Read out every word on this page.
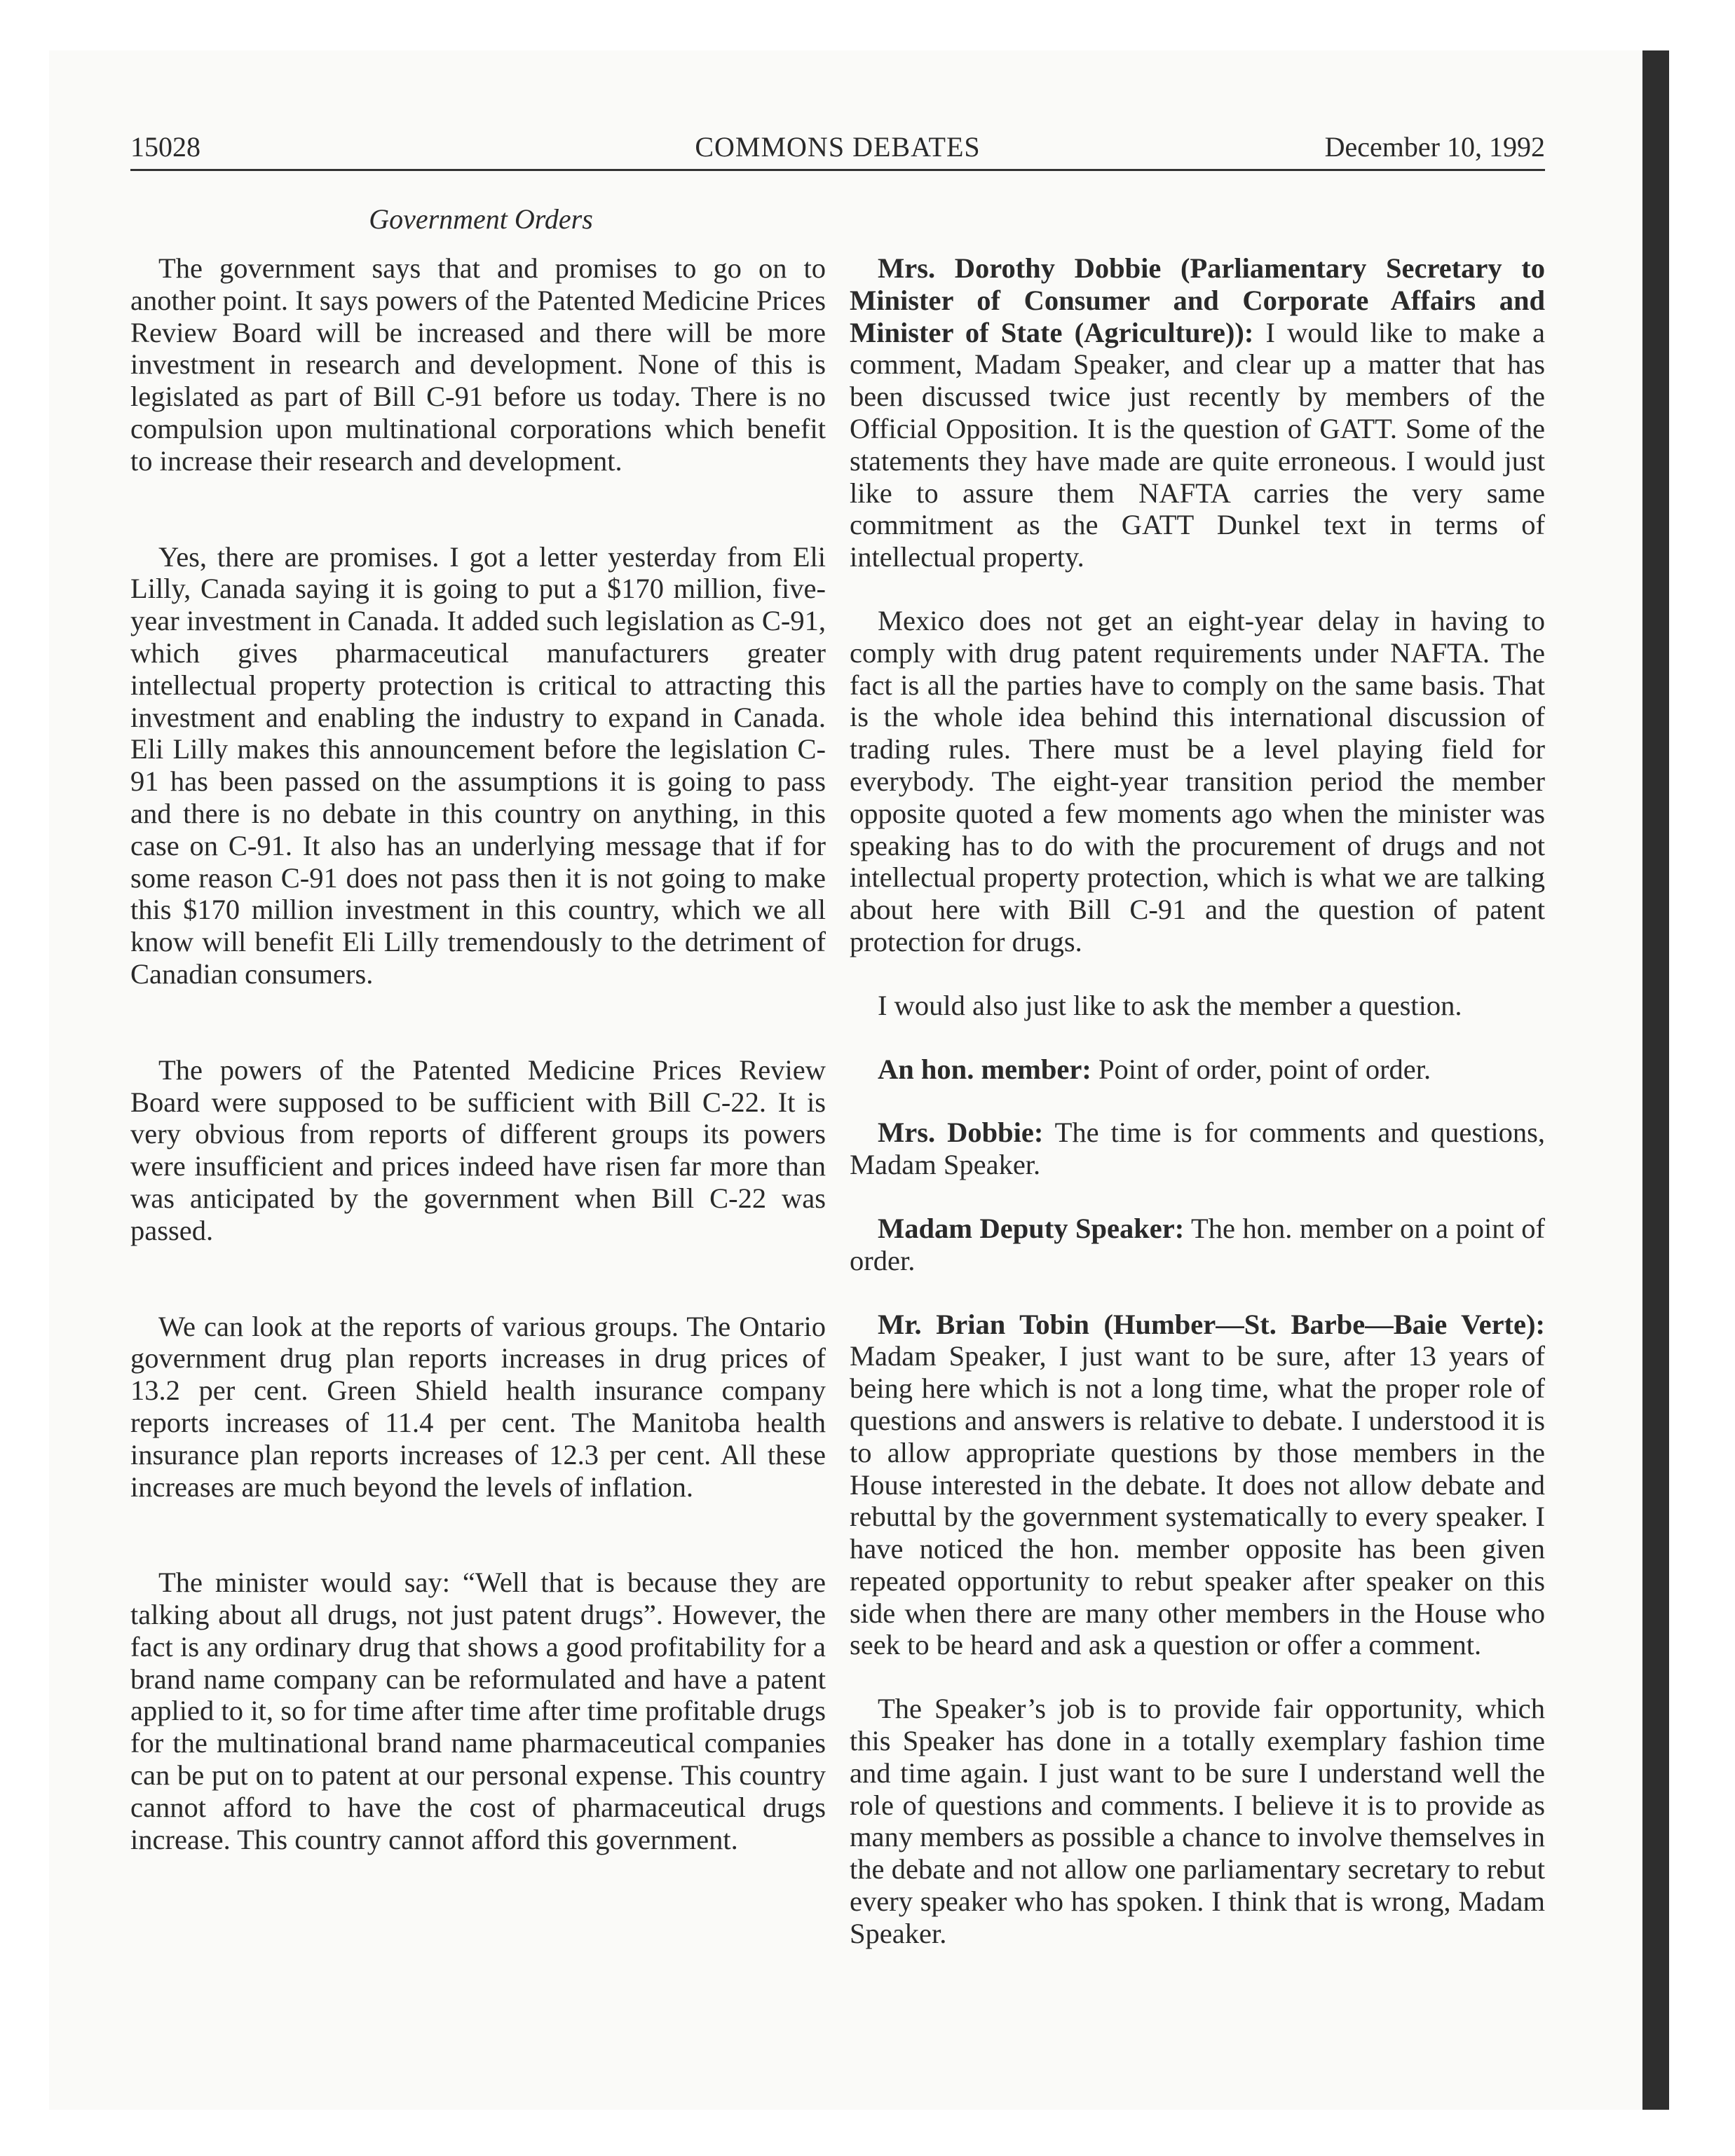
15028	COMMONS DEBATES	December 10, 1992
Government Orders

The government says that and promises to go on to another point. It says powers of the Patented Medicine Prices Review Board will be increased and there will be more investment in research and development. None of this is legislated as part of Bill C-91 before us today. There is no compulsion upon multinational corporations which benefit to increase their research and development.

Yes, there are promises. I got a letter yesterday from Eli Lilly, Canada saying it is going to put a $170 million, five-year investment in Canada. It added such legislation as C-91, which gives pharmaceutical manufacturers greater intellectual property protection is critical to attracting this investment and enabling the industry to expand in Canada. Eli Lilly makes this announcement before the legislation C-91 has been passed on the assumptions it is going to pass and there is no debate in this country on anything, in this case on C-91. It also has an underlying message that if for some reason C-91 does not pass then it is not going to make this $170 million investment in this country, which we all know will benefit Eli Lilly tremendously to the detriment of Canadian consumers.

The powers of the Patented Medicine Prices Review Board were supposed to be sufficient with Bill C-22. It is very obvious from reports of different groups its powers were insufficient and prices indeed have risen far more than was anticipated by the government when Bill C-22 was passed.

We can look at the reports of various groups. The Ontario government drug plan reports increases in drug prices of 13.2 per cent. Green Shield health insurance company reports increases of 11.4 per cent. The Manitoba health insurance plan reports increases of 12.3 per cent. All these increases are much beyond the levels of inflation.

The minister would say: “Well that is because they are talking about all drugs, not just patent drugs”. However, the fact is any ordinary drug that shows a good profitability for a brand name company can be reformulated and have a patent applied to it, so for time after time after time profitable drugs for the multinational brand name pharmaceutical companies can be put on to patent at our personal expense. This country cannot afford to have the cost of pharmaceutical drugs increase. This country cannot afford this government.

Mrs. Dorothy Dobbie (Parliamentary Secretary to Minister of Consumer and Corporate Affairs and Minister of State (Agriculture)): I would like to make a comment, Madam Speaker, and clear up a matter that has been discussed twice just recently by members of the Official Opposition. It is the question of GATT. Some of the statements they have made are quite erroneous. I would just like to assure them NAFTA carries the very same commitment as the GATT Dunkel text in terms of intellectual property.

Mexico does not get an eight-year delay in having to comply with drug patent requirements under NAFTA. The fact is all the parties have to comply on the same basis. That is the whole idea behind this international discussion of trading rules. There must be a level playing field for everybody. The eight-year transition period the member opposite quoted a few moments ago when the minister was speaking has to do with the procurement of drugs and not intellectual property protection, which is what we are talking about here with Bill C-91 and the question of patent protection for drugs.

I would also just like to ask the member a question.

An hon. member: Point of order, point of order.

Mrs. Dobbie: The time is for comments and questions, Madam Speaker.

Madam Deputy Speaker: The hon. member on a point of order.

Mr. Brian Tobin (Humber—St. Barbe—Baie Verte): Madam Speaker, I just want to be sure, after 13 years of being here which is not a long time, what the proper role of questions and answers is relative to debate. I understood it is to allow appropriate questions by those members in the House interested in the debate. It does not allow debate and rebuttal by the government systematically to every speaker. I have noticed the hon. member opposite has been given repeated opportunity to rebut speaker after speaker on this side when there are many other members in the House who seek to be heard and ask a question or offer a comment.

The Speaker’s job is to provide fair opportunity, which this Speaker has done in a totally exemplary fashion time and time again. I just want to be sure I understand well the role of questions and comments. I believe it is to provide as many members as possible a chance to involve themselves in the debate and not allow one parliamentary secretary to rebut every speaker who has spoken. I think that is wrong, Madam Speaker.
